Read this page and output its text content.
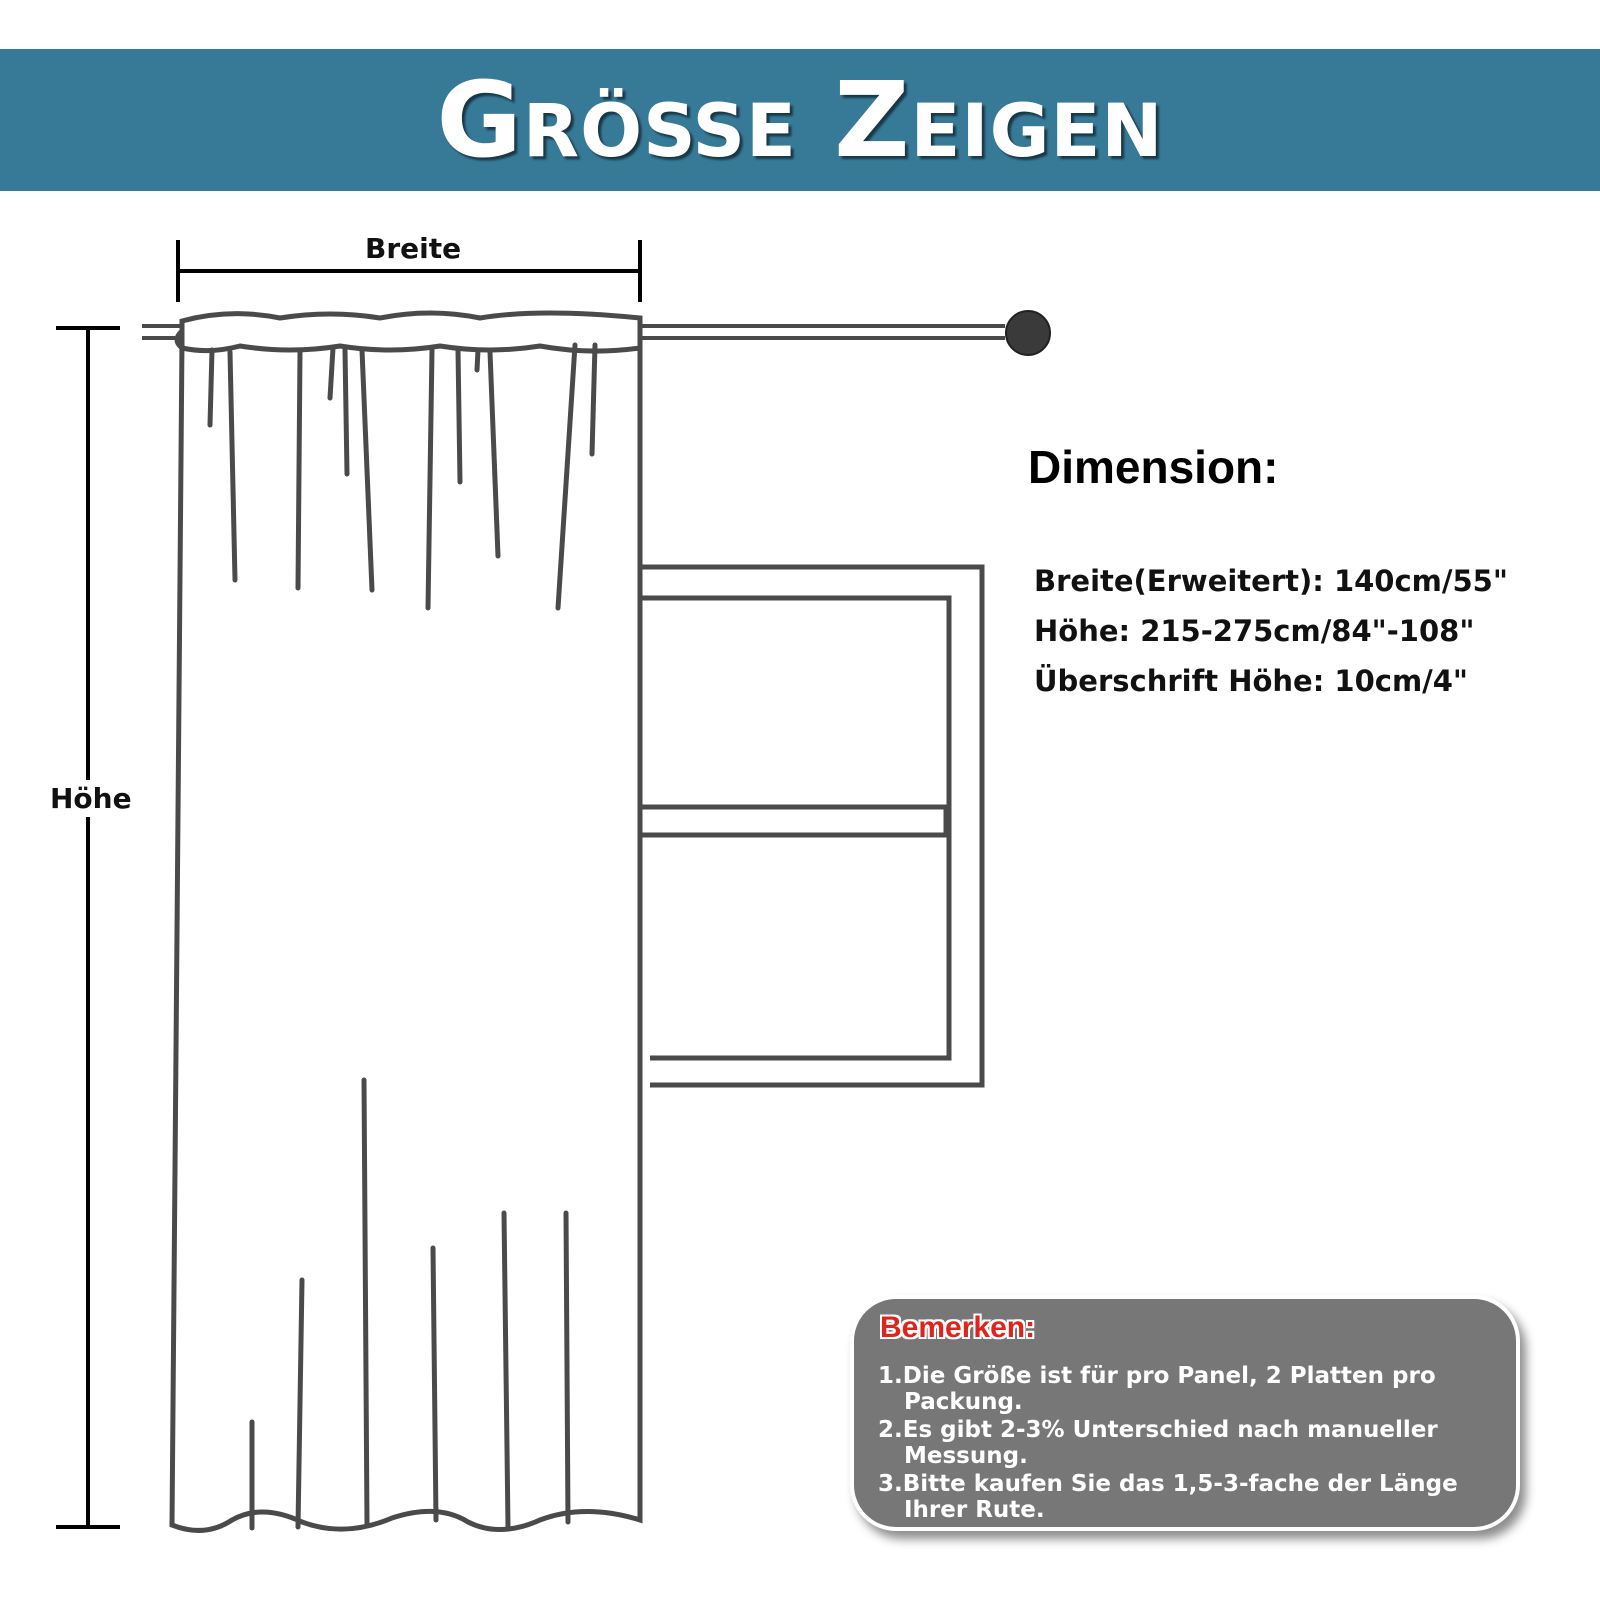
Größe Zeigen
Breite
Höhe
Dimension:
Breite(Erweitert): 140cm/55"
Höhe: 215-275cm/84"-108"
Überschrift Höhe: 10cm/4"
Bemerken:
1.Die Größe ist für pro Panel, 2 Platten pro Packung.
2.Es gibt 2-3% Unterschied nach manueller Messung.
3.Bitte kaufen Sie das 1,5-3-fache der Länge Ihrer Rute.
